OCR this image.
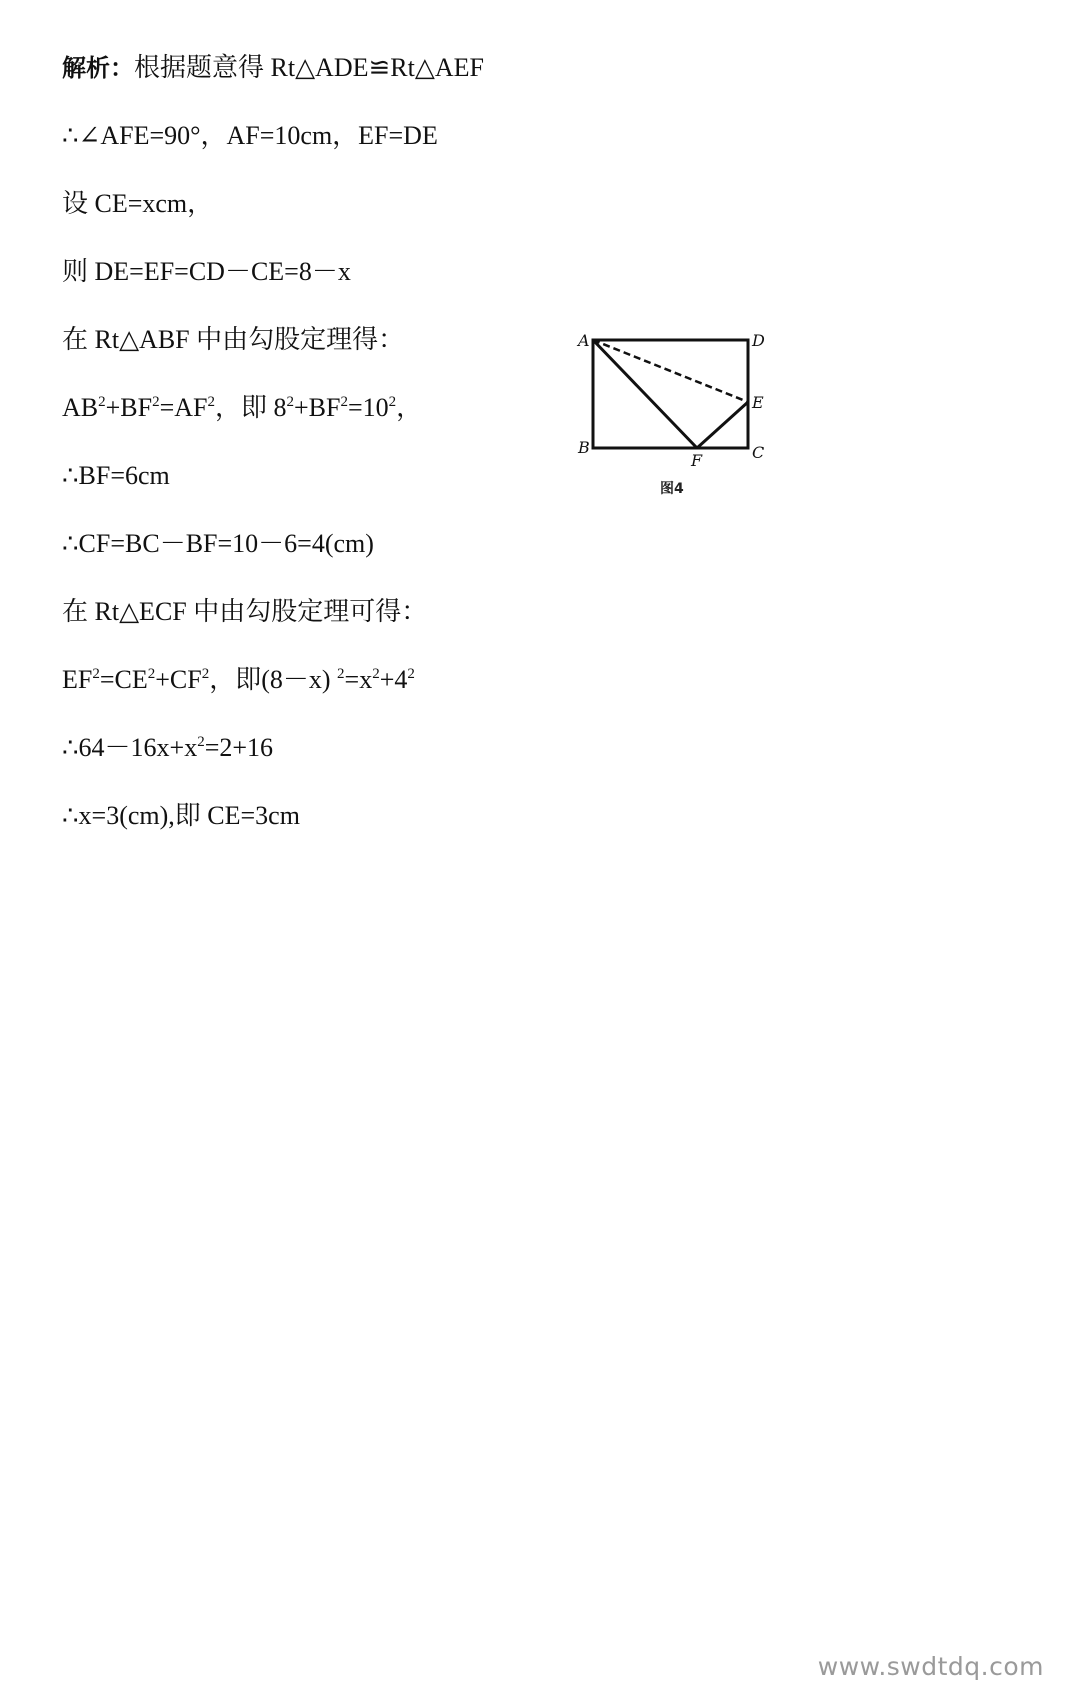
解析：根据题意得 Rt△ADE≌Rt△AEF
∴∠AFE=90°，AF=10cm，EF=DE
设 CE=xcm，
则 DE=EF=CD－CE=8－x
在 Rt△ABF 中由勾股定理得：
$AB^2+BF^2=AF^2$，即 $8^2+BF^2=10^2$，
∴BF=6cm
∴CF=BC－BF=10－6=4(cm)
在 Rt△ECF 中由勾股定理可得：
$EF^2=CE^2+CF^2$，即(8－x) $^2=x^2+4^2$
$\therefore 64-16x+x^2=2+16$
∴x=3(cm),即 CE=3cm
A	D
E
B
F	C
图4
www.swdtdq.com
